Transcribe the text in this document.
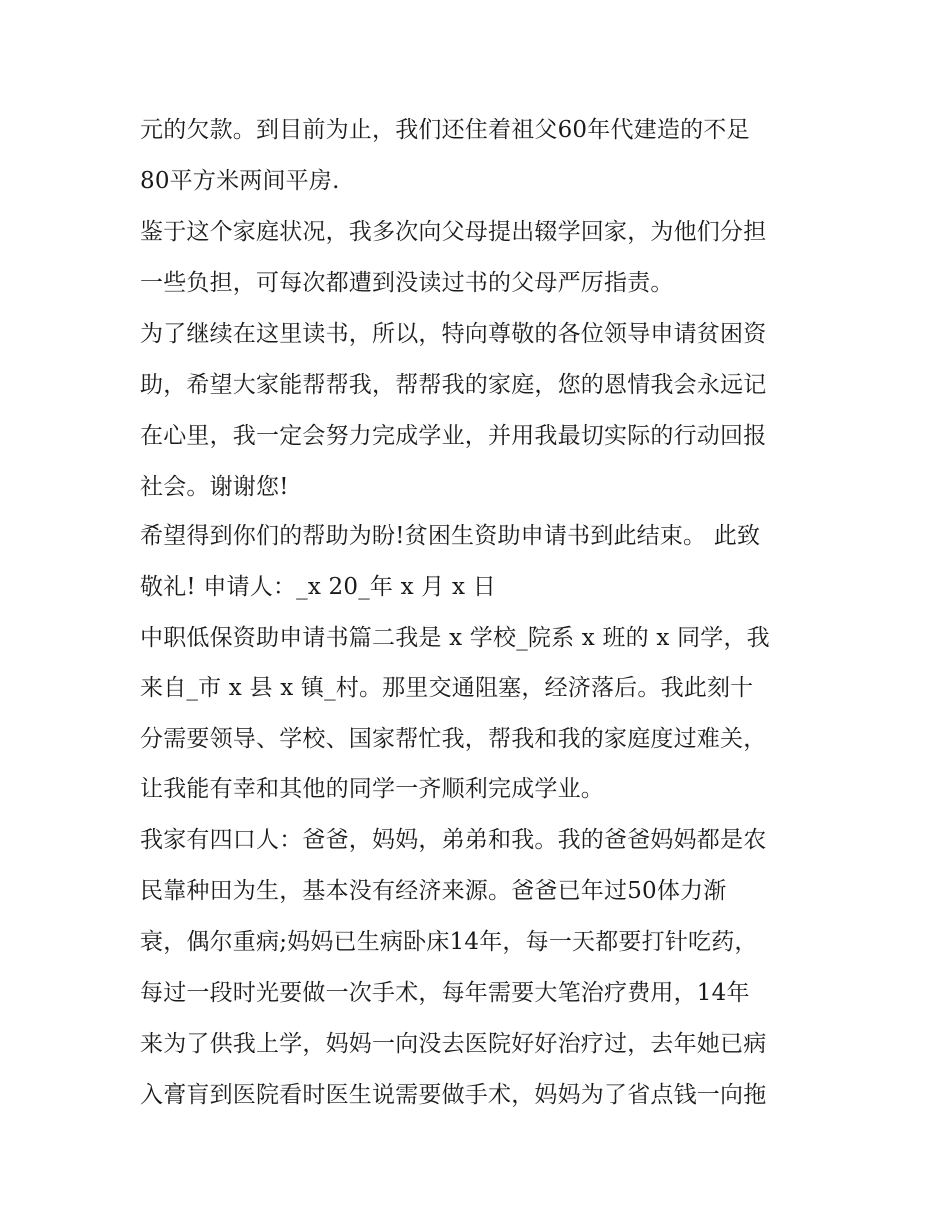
元的欠款。到目前为止，我们还住着祖父60年代建造的不足
80平方米两间平房.
鉴于这个家庭状况，我多次向父母提出辍学回家，为他们分担
一些负担，可每次都遭到没读过书的父母严厉指责。
为了继续在这里读书，所以，特向尊敬的各位领导申请贫困资
助，希望大家能帮帮我，帮帮我的家庭，您的恩情我会永远记
在心里，我一定会努力完成学业，并用我最切实际的行动回报
社会。谢谢您!
希望得到你们的帮助为盼!贫困生资助申请书到此结束。 此致
敬礼! 申请人：_x 20_年 x 月 x 日
中职低保资助申请书篇二我是 x 学校_院系 x 班的 x 同学，我
来自_市 x 县 x 镇_村。那里交通阻塞，经济落后。我此刻十
分需要领导、学校、国家帮忙我，帮我和我的家庭度过难关，
让我能有幸和其他的同学一齐顺利完成学业。
我家有四口人：爸爸，妈妈，弟弟和我。我的爸爸妈妈都是农
民靠种田为生，基本没有经济来源。爸爸已年过50体力渐
衰，偶尔重病;妈妈已生病卧床14年，每一天都要打针吃药，
每过一段时光要做一次手术，每年需要大笔治疗费用，14年
来为了供我上学，妈妈一向没去医院好好治疗过，去年她已病
入膏肓到医院看时医生说需要做手术，妈妈为了省点钱一向拖
